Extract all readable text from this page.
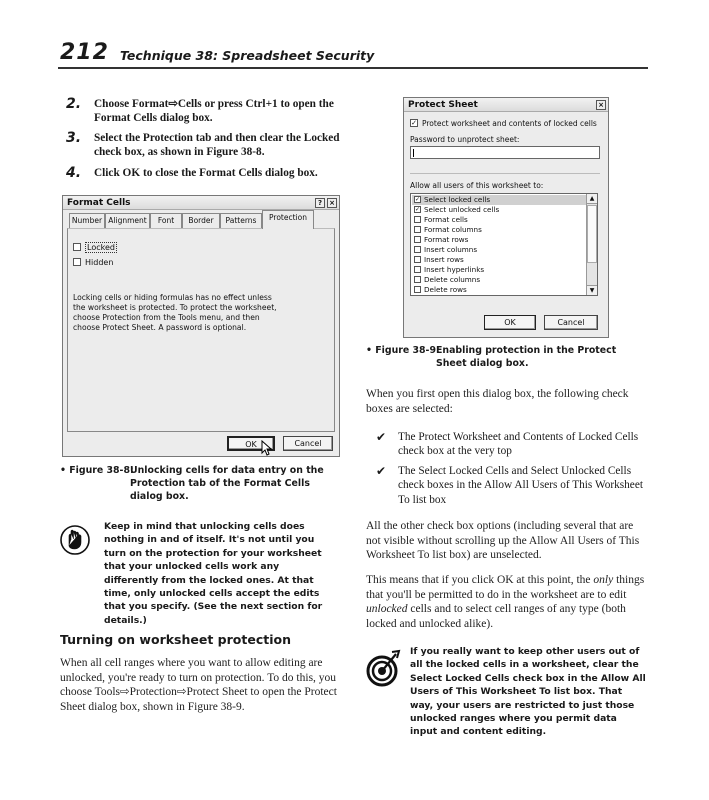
212 Technique 38: Spreadsheet Security
2. Choose Format⇨Cells or press Ctrl+1 to open the Format Cells dialog box.
3. Select the Protection tab and then clear the Locked check box, as shown in Figure 38-8.
4. Click OK to close the Format Cells dialog box.
Format Cells	?	×
Number Alignment	Font	Border	Patterns	Protection
Locked
Hidden
Locking cells or hiding formulas has no effect unless the worksheet is protected. To protect the worksheet, choose Protection from the Tools menu, and then choose Protect Sheet. A password is optional.
OK	Cancel
• Figure 38-8:
Unlocking cells for data entry on the Protection tab of the Format Cells dialog box.
Keep in mind that unlocking cells does nothing in and of itself. It's not until you turn on the protection for your worksheet that your unlocked cells work any differently from the locked ones. At that time, only unlocked cells accept the edits that you specify. (See the next section for details.)
Turning on worksheet protection
When all cell ranges where you want to allow editing are unlocked, you're ready to turn on protection. To do this, you choose Tools⇨Protection⇨Protect Sheet to open the Protect Sheet dialog box, shown in Figure 38-9.
Protect Sheet	×
✓ Protect worksheet and contents of locked cells
Password to unprotect sheet:
Allow all users of this worksheet to:
✓ Select locked cells
✓ Select unlocked cells
Format cells
Format columns
Format rows
Insert columns
Insert rows
Insert hyperlinks
Delete columns
Delete rows
▲
▼
OK	Cancel
• Figure 38-9:
Enabling protection in the Protect Sheet dialog box.
When you first open this dialog box, the following check boxes are selected:
✔ The Protect Worksheet and Contents of Locked Cells check box at the very top
✔ The Select Locked Cells and Select Unlocked Cells check boxes in the Allow All Users of This Worksheet To list box
All the other check box options (including several that are not visible without scrolling up the Allow All Users of This Worksheet To list box) are unselected.
This means that if you click OK at this point, the only things that you'll be permitted to do in the worksheet are to edit unlocked cells and to select cell ranges of any type (both locked and unlocked alike).
If you really want to keep other users out of all the locked cells in a worksheet, clear the Select Locked Cells check box in the Allow All Users of This Worksheet To list box. That way, your users are restricted to just those unlocked ranges where you permit data input and content editing.
